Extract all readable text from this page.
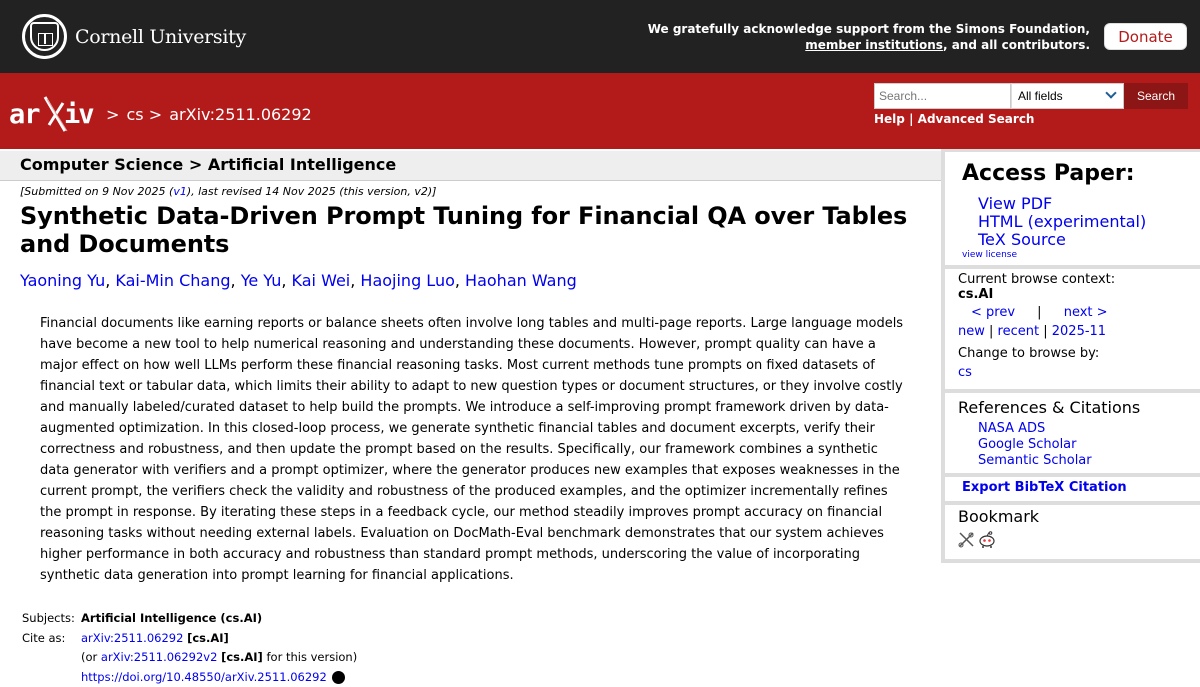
Cornell University	We gratefully acknowledge support from the Simons Foundation,
member institutions, and all contributors.	Donate
ar iv > cs > arXiv:2511.06292
Search...	All fields	Search
Help | Advanced Search
Computer Science > Artificial Intelligence
[Submitted on 9 Nov 2025 (v1), last revised 14 Nov 2025 (this version, v2)]
Synthetic Data-Driven Prompt Tuning for Financial QA over Tables and Documents
Yaoning Yu, Kai-Min Chang, Ye Yu, Kai Wei, Haojing Luo, Haohan Wang
Financial documents like earning reports or balance sheets often involve long tables and multi-page reports. Large language models have become a new tool to help numerical reasoning and understanding these documents. However, prompt quality can have a major effect on how well LLMs perform these financial reasoning tasks. Most current methods tune prompts on fixed datasets of financial text or tabular data, which limits their ability to adapt to new question types or document structures, or they involve costly and manually labeled/curated dataset to help build the prompts. We introduce a self-improving prompt framework driven by data-augmented optimization. In this closed-loop process, we generate synthetic financial tables and document excerpts, verify their correctness and robustness, and then update the prompt based on the results. Specifically, our framework combines a synthetic data generator with verifiers and a prompt optimizer, where the generator produces new examples that exposes weaknesses in the current prompt, the verifiers check the validity and robustness of the produced examples, and the optimizer incrementally refines the prompt in response. By iterating these steps in a feedback cycle, our method steadily improves prompt accuracy on financial reasoning tasks without needing external labels. Evaluation on DocMath-Eval benchmark demonstrates that our system achieves higher performance in both accuracy and robustness than standard prompt methods, underscoring the value of incorporating synthetic data generation into prompt learning for financial applications.
Subjects: Artificial Intelligence (cs.AI)
Cite as:	arXiv:2511.06292 [cs.AI]
(or arXiv:2511.06292v2 [cs.AI] for this version)
https://doi.org/10.48550/arXiv.2511.06292
Access Paper:
View PDF
HTML (experimental)
TeX Source
view license
Current browse context:
cs.AI
< prev | next >
new | recent | 2025-11
Change to browse by:
cs
References & Citations
NASA ADS
Google Scholar
Semantic Scholar
Export BibTeX Citation
Bookmark
